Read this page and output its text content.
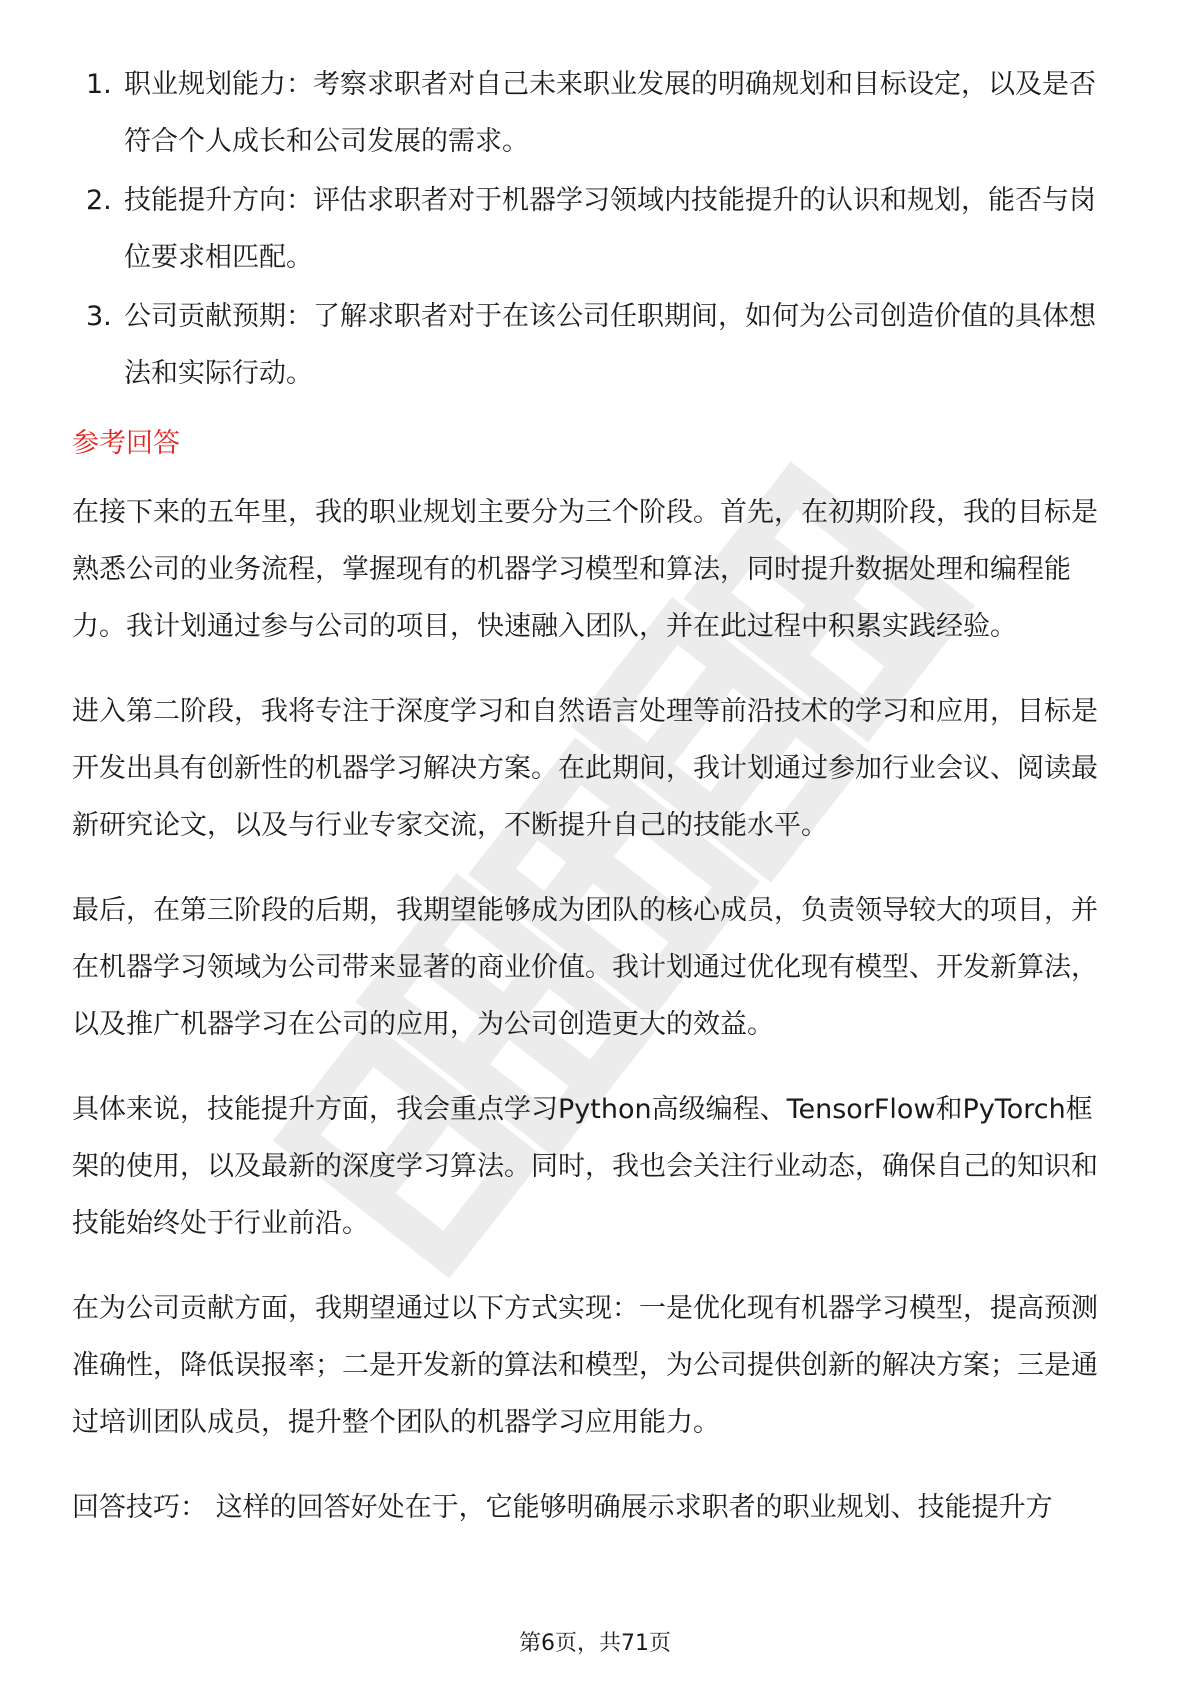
1. 职业规划能力：考察求职者对自己未来职业发展的明确规划和目标设定，以及是否符合个人成长和公司发展的需求。
2. 技能提升方向：评估求职者对于机器学习领域内技能提升的认识和规划，能否与岗位要求相匹配。
3. 公司贡献预期：了解求职者对于在该公司任职期间，如何为公司创造价值的具体想法和实际行动。
参考回答

在接下来的五年里，我的职业规划主要分为三个阶段。首先，在初期阶段，我的目标是熟悉公司的业务流程，掌握现有的机器学习模型和算法，同时提升数据处理和编程能力。我计划通过参与公司的项目，快速融入团队，并在此过程中积累实践经验。

进入第二阶段，我将专注于深度学习和自然语言处理等前沿技术的学习和应用，目标是开发出具有创新性的机器学习解决方案。在此期间，我计划通过参加行业会议、阅读最新研究论文，以及与行业专家交流，不断提升自己的技能水平。

最后，在第三阶段的后期，我期望能够成为团队的核心成员，负责领导较大的项目，并在机器学习领域为公司带来显著的商业价值。我计划通过优化现有模型、开发新算法，以及推广机器学习在公司的应用，为公司创造更大的效益。

具体来说，技能提升方面，我会重点学习Python高级编程、TensorFlow和PyTorch框架的使用，以及最新的深度学习算法。同时，我也会关注行业动态，确保自己的知识和技能始终处于行业前沿。

在为公司贡献方面，我期望通过以下方式实现：一是优化现有机器学习模型，提高预测准确性，降低误报率；二是开发新的算法和模型，为公司提供创新的解决方案；三是通过培训团队成员，提升整个团队的机器学习应用能力。

回答技巧： 这样的回答好处在于，它能够明确展示求职者的职业规划、技能提升方

第6页，共71页
